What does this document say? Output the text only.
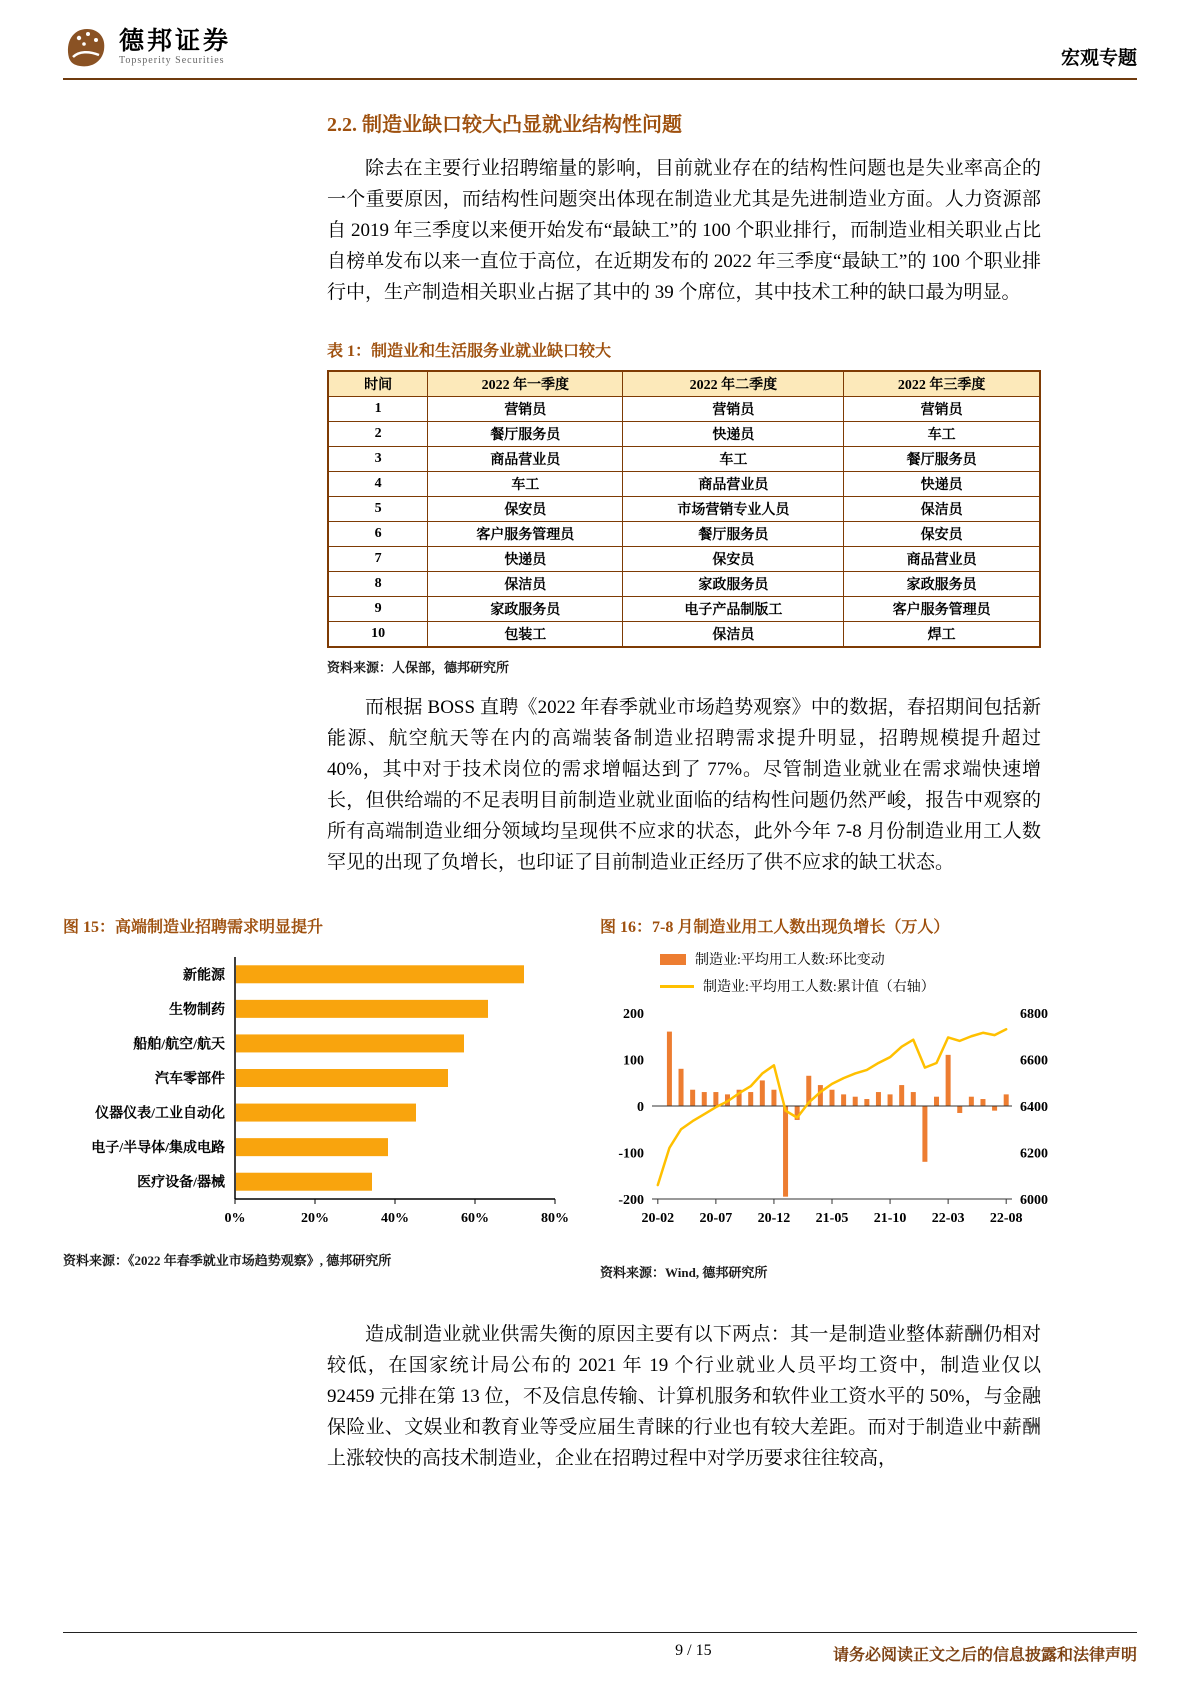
德邦证券
Topsperity Securities	宏观专题
2.2. 制造业缺口较大凸显就业结构性问题
除去在主要行业招聘缩量的影响，目前就业存在的结构性问题也是失业率高企的一个重要原因，而结构性问题突出体现在制造业尤其是先进制造业方面。人力资源部自 2019 年三季度以来便开始发布“最缺工”的 100 个职业排行，而制造业相关职业占比自榜单发布以来一直位于高位，在近期发布的 2022 年三季度“最缺工”的 100 个职业排行中，生产制造相关职业占据了其中的 39 个席位，其中技术工种的缺口最为明显。
表 1：制造业和生活服务业就业缺口较大
时间	2022 年一季度	2022 年二季度	2022 年三季度
1	营销员	营销员	营销员
2	餐厅服务员	快递员	车工
3	商品营业员	车工	餐厅服务员
4	车工	商品营业员	快递员
5	保安员	市场营销专业人员	保洁员
6	客户服务管理员	餐厅服务员	保安员
7	快递员	保安员	商品营业员
8	保洁员	家政服务员	家政服务员
9	家政服务员	电子产品制版工	客户服务管理员
10	包装工	保洁员	焊工
资料来源：人保部，德邦研究所
而根据 BOSS 直聘《2022 年春季就业市场趋势观察》中的数据，春招期间包括新能源、航空航天等在内的高端装备制造业招聘需求提升明显，招聘规模提升超过 40%，其中对于技术岗位的需求增幅达到了 77%。尽管制造业就业在需求端快速增长，但供给端的不足表明目前制造业就业面临的结构性问题仍然严峻，报告中观察的所有高端制造业细分领域均呈现供不应求的状态，此外今年 7-8 月份制造业用工人数罕见的出现了负增长，也印证了目前制造业正经历了供不应求的缺工状态。
图 15：高端制造业招聘需求明显提升
新能源
生物制药
船舶/航空/航天
汽车零部件
仪器仪表/工业自动化
电子/半导体/集成电路
医疗设备/器械
0%	20%	40%	60%	80%
资料来源：《2022 年春季就业市场趋势观察》, 德邦研究所
图 16：7-8 月制造业用工人数出现负增长（万人）
制造业:平均用工人数:环比变动
制造业:平均用工人数:累计值（右轴）
200
100
0
-100
-200
6800
6600
6400
6200
6000
20-02 20-07 20-12 21-05 21-10 22-03 22-08
资料来源：Wind, 德邦研究所
造成制造业就业供需失衡的原因主要有以下两点：其一是制造业整体薪酬仍相对较低，在国家统计局公布的 2021 年 19 个行业就业人员平均工资中，制造业仅以 92459 元排在第 13 位，不及信息传输、计算机服务和软件业工资水平的 50%，与金融保险业、文娱业和教育业等受应届生青睐的行业也有较大差距。而对于制造业中薪酬上涨较快的高技术制造业，企业在招聘过程中对学历要求往往较高，
9 / 15	请务必阅读正文之后的信息披露和法律声明
